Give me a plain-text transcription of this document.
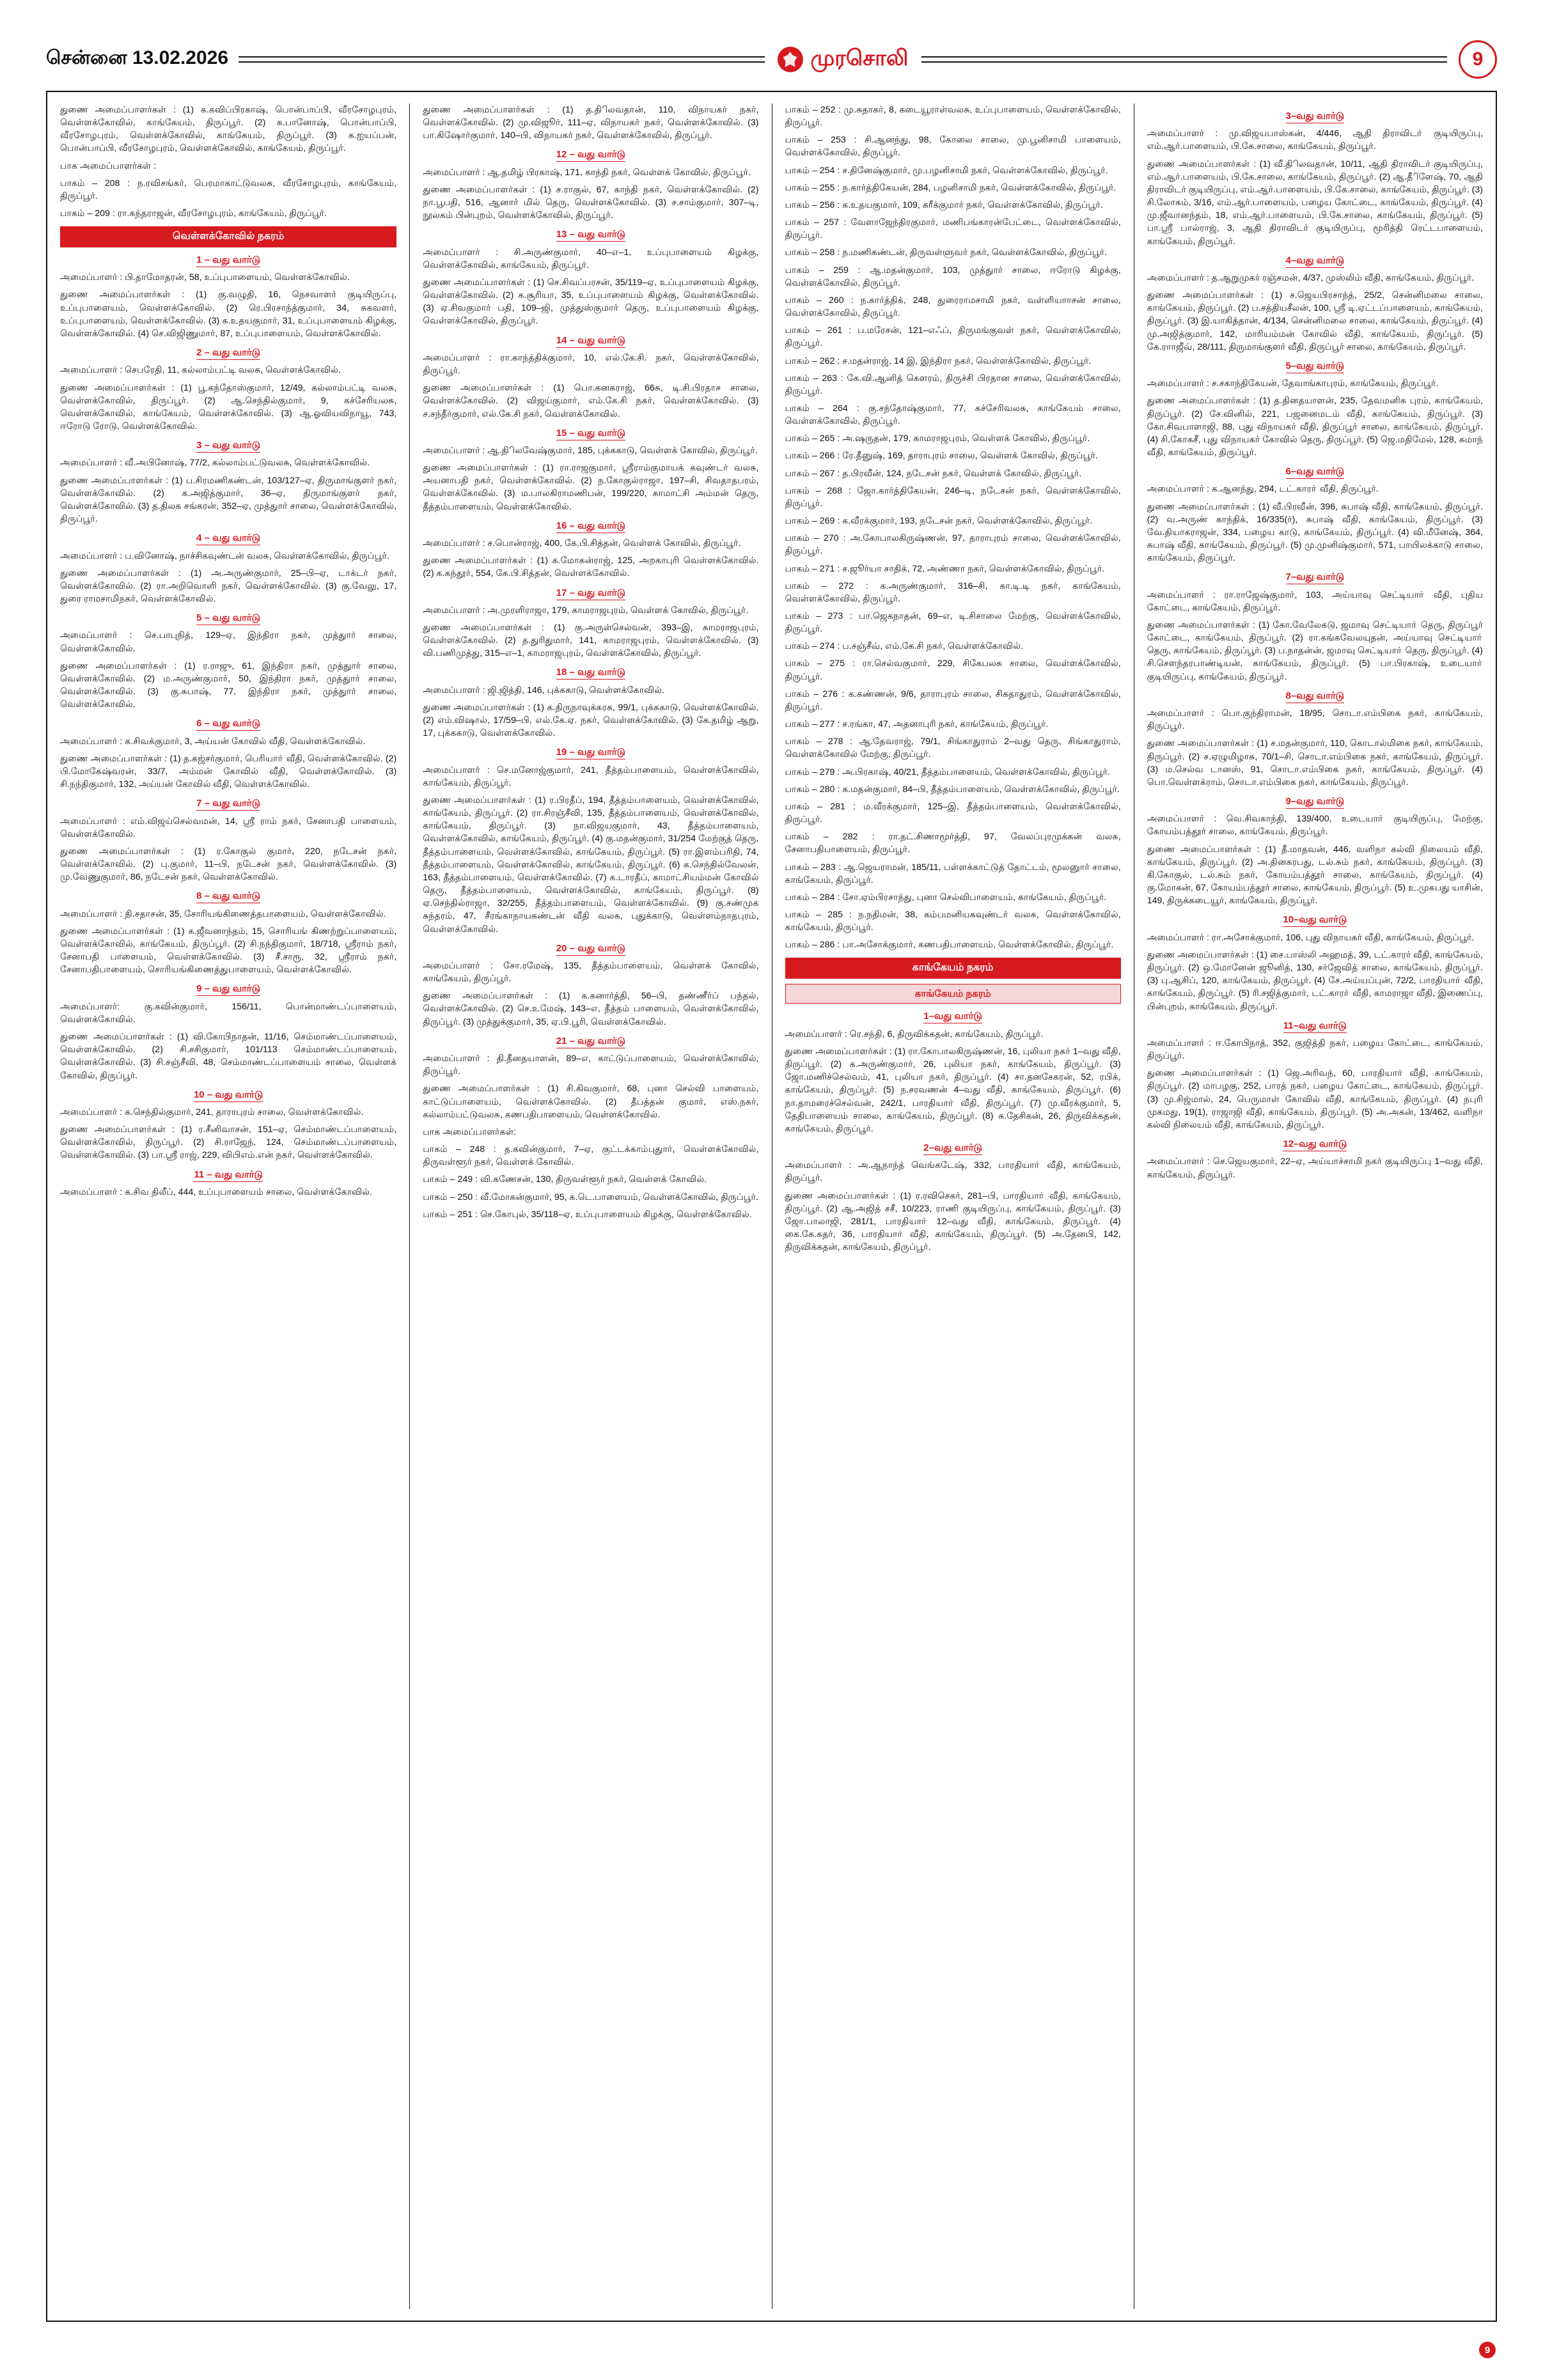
சென்னை 13.02.2026	முரசொலி	9

துணை அமைப்பாளர்கள் : (1) க.கவிப்பிரகாஷ், பொன்பாப்பி, வீரசோழபுரம், வெள்ளக்கோவில், காங்கேயம், திருப்பூர். (2) க.பானோஷ், பொன்பாப்பி, வீரசோழபுரம், வெள்ளக்கோவில், காங்கேயம், திருப்பூர். (3) க.ஐயப்பன், பொன்பாப்பி, வீரசோழபுரம், வெள்ளக்கோவில், காங்கேயம், திருப்பூர்.

பாக அமைப்பாளர்கள் :

பாகம் – 208 : ந.ரவிசங்கர், பெரமாகாட்டுவலசு, வீரசோழபுரம், காங்கேயம், திருப்பூர்.

பாகம் – 209 : ரா.கந்தராஜன், வீரசோழபுரம், காங்கேயம், திருப்பூர்.

வெள்ளக்கோவில் நகரம்
1 – வது வார்டு

அமைப்பாளர் : பி.தாமோதரன், 58, உப்புபாளையம், வெள்ளக்கோவில்.

துணை அமைப்பாளர்கள் : (1) கு.வழுதி, 16, நெசவாளர் குடியிருப்பு, உப்புபாளையம், வெள்ளக்கோவில். (2) ரெ.பிரசாந்த்குமார், 34, சுகவளர், உப்புபாளையம், வெள்ளக்கோவில். (3) க.உதயகுமார், 31, உப்புபாளையம் கிழக்கு, வெள்ளக்கோவில். (4) செ.விஜிணுமார், 87, உப்புபாளையம், வெள்ளக்கோவில்.

2 – வது வார்டு

அமைப்பாளர் : செபரேதி, 11, கல்லாம்பட்டி வலசு, வெள்ளக்கோவில்.

துணை அமைப்பாளர்கள் : (1) பூ.கந்தோஸ்குமார், 12/49, கல்லாம்பட்டி வலசு, வெள்ளக்கோவில், திருப்பூர். (2) ஆ.செந்தில்குமார், 9, கச்சேரியலசு, வெள்ளக்கோவில், காங்கேயம், வெள்ளக்கோவில். (3) ஆ.ஓவியவிநாயூ, 743, ஈரோடு ரோடு, வெள்ளக்கோவில்.

3 – வது வார்டு

அமைப்பாளர் : வீ.அபினோஷ், 77/2, கல்லாம்பட்டுவலசு, வெள்ளக்கோவில்.

துணை அமைப்பாளர்கள் : (1) ப.சிரமணிகண்டன், 103/127–ஏ, திருமாங்குளர் நகர், வெள்ளக்கோவில். (2) க.அஜித்குமார், 36–ஏ, திருமாங்குளர் நகர், வெள்ளக்கோவில். (3) த.திலக சங்கரன், 352–ஏ, முத்துார் சாலை, வெள்ளக்கோவில், திருப்பூர்.

4 – வது வார்டு

அமைப்பாளர் : ப.வினோஷ், நாச்சிகவுண்டன் வலசு, வெள்ளக்கோவில், திருப்பூர்.

துணை அமைப்பாளர்கள் : (1) அ.அருண்குமார், 25–பி–ஏ, டாக்டர் நகர், வெள்ளக்கோவில். (2) ரா.அறிவொளி நகர், வெள்ளக்கோவில். (3) கு.வேலு, 17, துரை ராமசாமிநகர், வெள்ளக்கோவில்.

5 – வது வார்டு

அமைப்பாளர் : செ.பாபுநித், 129–ஏ, இந்திரா நகர், முத்துார் சாலை, வெள்ளக்கோவில்.

துணை அமைப்பாளர்கள் : (1) ர.ராஜு, 61, இந்திரா நகர், முத்துார் சாலை, வெள்ளக்கோவில். (2) ம.அருண்குமார், 50, இந்திரா நகர், முத்துார் சாலை, வெள்ளக்கோவில். (3) கு.சுபாஷ், 77, இந்திரா நகர், முத்துார் சாலை, வெள்ளக்கோவில்.

6 – வது வார்டு

அமைப்பாளர் : க.சிவக்குமார், 3, அய்யன் கோவில் வீதி, வெள்ளக்கோவில்.

துணை அமைப்பாளர்கள் : (1) த.கஜ்சர்குமார், பெரியாா் வீதி, வெள்ளக்கோவில். (2) பி.மோகேஷ்வரன், 33/7, அம்மன் கோவில் வீதி, வெள்ளக்கோவில். (3) சி.நந்திகுமார், 132, அய்யன் கோவில் வீதி, வெள்ளக்கோவில்.

7 – வது வார்டு

அமைப்பாளர் : எம்.விஜய்செல்வமன், 14, ஸ்ரீ ராம் நகர், சேனாபதி பாளையம், வெள்ளக்கோவில்.

துணை அமைப்பாளர்கள் : (1) ர.கோகுல் குமார், 220, நடேசன் நகர், வெள்ளக்கோவில். (2) பு.குமார், 11–பி, நடேசன் நகர், வெள்ளக்கோவில். (3) மு.வேணுகுமார், 86, நடேசன் நகர், வெள்ளக்கோவில்.

8 – வது வார்டு

அமைப்பாளர் : தி.சதாசன், 35, சோரியங்கிணைத்தபாளையம், வெள்ளக்கோவில்.

துணை அமைப்பாளர்கள் : (1) க.ஜீவனாந்தம், 15, சொரியங் கிணற்றுப்பாளையம், வெள்ளக்கோவில், காங்கேயம், திருப்பூர். (2) சி.நந்திகுமார், 18/718, ஸ்ரீராம் நகர், சேனாபதி பாளையம், வெள்ளக்கோவில். (3) சீ.சாரூ, 32, ஸ்ரீராம் நகர், சேனாபதிபாளையம், சொரியங்கிணைத்துபாளையம், வெள்ளக்கோவில்.

9 – வது வார்டு

அமைப்பாளர்: கு.கவின்குமார், 156/11, பொன்மாண்டப்பாளையம், வெள்ளக்கோவில்.

துணை அமைப்பாளர்கள் : (1) வி.கோபிநாதன், 11/16, செம்மாண்டப்பாளையம், வெள்ளக்கோவில். (2) சி.சசிகுமார், 101/113 செம்மாண்டப்பாளையம், வெள்ளக்கோவில். (3) சி.சஞ்சீவி, 48, செம்மாண்டப்பாளையம் சாலை, வெள்ளக் கோவில், திருப்பூர்.

10 – வது வார்டு

அமைப்பாளர் : க.செந்தில்குமார், 241, தாராபுரம் சாலை, வெள்ளக்கோவில்.

துணை அமைப்பாளர்கள் : (1) ர.சீனிவாசன், 151–ஏ, செம்மாண்டப்பாளையம், வெள்ளக்கோவில், திருப்பூர். (2) சி.ராஜேந், 124, செம்மாண்டப்பாளையம், வெள்ளக்கோவில். (3) பா.ஸ்ரீ ராஜ், 229, விபிஎம்.என் நகர், வெள்ளக்கோவில்.

11 – வது வார்டு

அமைப்பாளர் : க.சிவ திலீப், 444, உப்புபாளையம் சாலை, வெள்ளக்கோவில்.

துணை அமைப்பாளர்கள் : (1) த.திிலவதான், 110, விநாயகர் நகர், வெள்ளக்கோவில். (2) மு.விஜூர், 111–ஏ, விநாயகர் நகர், வெள்ளக்கோவில். (3) பா.கிஷோர்குமார், 140–பி, விநாயகர் நகர், வெள்ளக்கோவில், திருப்பூர்.

12 – வது வார்டு

அமைப்பாளர் : ஆ.தமிழ் பிரகாஷ், 171, காந்தி நகர், வெள்ளக் கோவில், திருப்பூர்.

துணை அமைப்பாளர்கள் : (1) ச.ராகுல், 67, காந்தி நகர், வெள்ளக்கோவில். (2) நா.பூபதி, 516, ஆனார் மில் தெரு, வெள்ளக்கோவில். (3) ச.சாம்குமார், 307–டி, நூலகம் பின்புறம், வெள்ளக்கோவில், திருப்பூர்.

13 – வது வார்டு

அமைப்பாளர் : சி.அருண்குமார், 40–எ–1, உப்புபாளையம் கிழக்கு, வெள்ளக்கோவில், காங்கேயம், திருப்பூர்.

துணை அமைப்பாளர்கள் : (1) செ.சிவப்பரசன், 35/119–ஏ, உப்புபாளையம் கிழக்கு, வெள்ளக்கோவில். (2) க.சூரியா, 35, உப்புபாளையம் கிழக்கு, வெள்ளக்கோவில். (3) ஏ.சிவகுமார் பதி, 109–ஜி, முத்துஸ்குமார் தெரு, உப்புபாளையம் கிழக்கு, வெள்ளக்கோவில், திருப்பூர்.

14 – வது வார்டு

அமைப்பாளர் : ரா.காந்த்திக்குமார், 10, எல்.கே.சி. நகர், வெள்ளக்கோவில், திருப்பூர்.

துணை அமைப்பாளர்கள் : (1) பொ.கனகராஜ், 66சு, டி.சி.பிரதாச சாலை, வெள்ளக்கோவில். (2) விஜய்குமார், எம்.கே.சி நகர், வெள்ளக்கோவில். (3) ச.சந்தீர்குமார், எல்.கே.சி நகர், வெள்ளக்கோவில்.

15 – வது வார்டு

அமைப்பாளர் : ஆ.திிலவேஷ்குமார், 185, புக்ககாடு, வெள்ளக் கோவில், திருப்பூர்.

துணை அமைப்பாளர்கள் : (1) ரா.ராஜகுமார், ஸ்ரீராம்குமாயக் கவுண்டர் வலசு, அயனாபதி நகர், வெள்ளக்கோவில். (2) ந.கோகுல்ராஜா, 197–சி, சிவதாதபரம், வெள்ளக்கோவில். (3) ம.பாலகிராமணிபன், 199/220, காமாட்சி அம்மன் தெரு, தீத்தம்பாளையம், வெள்ளக்கோவில்.

16 – வது வார்டு

அமைப்பாளர் : ச.பொன்ராஜ், 400, கே.பி.சித்தன், வெள்ளக் கோவில், திருப்பூர்.

துணை அமைப்பாளர்கள் : (1) க.மோகன்ராஜ், 125, அறகாபுரி வெள்ளக்கோவில். (2) க.கந்தூர், 554, கே.பி.சித்தன், வெள்ளக்கோவில்.

17 – வது வார்டு

அமைப்பாளர் : அ.முரளிராஜா, 179, காமராஜபுரம், வெள்ளக் கோவில், திருப்பூர்.

துணை அமைப்பாளர்கள் : (1) கு.அருள்செல்வன், 393–இ, காமராஜபுரம், வெள்ளக்கோவில். (2) த.துரிதுமார், 141, காமராஜபுரம், வெள்ளக்கோவில். (3) வி.பணிமுத்து, 315–எ–1, காமராஜபுரம், வெள்ளக்கோவில், திருப்பூர்.

18 – வது வார்டு

அமைப்பாளர் : ஜி.ஜித்தி, 146, புக்ககாடு, வெள்ளக்கோவில்.

துணை அமைப்பாளர்கள் : (1) க.திருநாவுக்கரசு, 99/1, புக்ககாடு, வெள்ளக்கோவில். (2) எம்.விஷால், 17/59–பி, எல்.கே.ஏ. நகர், வெள்ளக்கோவில். (3) கே.தமிழ் ஆறு, 17, புக்ககாடு, வெள்ளக்கோவில்.

19 – வது வார்டு

அமைப்பாளர் : செ.மனோஜ்குமார், 241, தீத்தம்பாளையம், வெள்ளக்கோவில், காங்கேயம், திருப்பூர்.

துணை அமைப்பாளர்கள் : (1) ர.பிரதீப், 194, தீத்தம்பாளையம், வெள்ளக்கோவில், காங்கேயம், திருப்பூர். (2) ரா.சிரஞ்சீவி, 135, தீத்தம்பாளையம், வெள்ளக்கோவில், காங்கேயம், திருப்பூர். (3) நா.விஜயகுமார், 43, தீத்தம்பாளையம், வெள்ளக்கோவில், காங்கேயம், திருப்பூர். (4) கு.மதன்குமார், 31/254 மேற்குத் தெரு, தீத்தம்பாளையம், வெள்ளக்கோவில், காங்கேயம், திருப்பூர். (5) ரா.இளம்பரிதி, 74, தீத்தம்பாளையம், வெள்ளக்கோவில், காங்கேயம், திருப்பூர். (6) க.செந்தில்வேலன், 163, தீத்தம்பாளையம், வெள்ளக்கோவில். (7) க.டாரதீப், காமாட்சியம்மன் கோவில் தெரு, தீத்தம்பாளையம், வெள்ளக்கோவில், காங்கேயம், திருப்பூர். (8) ஏ.செந்தில்ராஜா, 32/255, தீத்தம்பாளையம், வெள்ளக்கோவில். (9) கு.சண்முக சுந்தரம், 47, சீரங்காநாயகண்டன் வீதி வலசு, புதுக்காடு, வெள்ளம்நாதபுரம், வெள்ளக்கோவில்.

20 – வது வார்டு

அமைப்பாளர் : சோ.ரமேஷ், 135, தீத்தம்பாளையம், வெள்ளக் கோவில், காங்கேயம், திருப்பூர்.

துணை அமைப்பாளர்கள் : (1) க.கனார்த்தி, 56–பி, தண்ணீர்ப் பந்தல், வெள்ளக்கோவில். (2) செ.உமேஷ், 143–எ, தீத்தம் பாளையம், வெள்ளக்கோவில், திருப்பூர். (3) முத்துக்குமார், 35, ஏ.பி.பூரி, வெள்ளக்கோவில்.

21 – வது வார்டு

அமைப்பாளர் : தி.தீனதயாளன், 89–எ, காட்டுப்பாளையம், வெள்ளக்கோவில், திருப்பூர்.

துணை அமைப்பாளர்கள் : (1) சி.கிவகுமார், 68, புனா செல்வி பாளையம், காட்டுப்பாளையம், வெள்ளக்கோவில். (2) தீபத்தன் குமார், எஸ்.நகர், கல்லாம்பட்டுவலசு, கணபதிபாளையம், வெள்ளக்கோவில்.

பாக அமைப்பாளர்கள்:

பாகம் – 248 : த.கவின்குமார், 7–ஏ, குட்டக்காம்புதுார், வெள்ளக்கோவில், திருவள்ளூர் நகர், வெள்ளக் கோவில்.

பாகம் – 249 : வி.கணேசன், 130, திருவள்ளூர் நகர், வெள்ளக் கோவில்.

பாகம் – 250 : வீ.மோகன்குமார், 95, க.டெ.பாளையம், வெள்ளக்கோவில், திருப்பூர்.

பாகம் – 251 : செ.கோபுல், 35/118–ஏ, உப்புபாளையம் கிழக்கு, வெள்ளக்கோவில்.

பாகம் – 252 : மு.சுதாகர், 8, கடையூராள்வலசு, உப்புபாளையம், வெள்ளக்கோவில், திருப்பூர்.

பாகம் – 253 : சி.ஆனந்து, 98, கோலை சாலை, மு.பூனிசாமி பாளையம், வெள்ளக்கோவில், திருப்பூர்.

பாகம் – 254 : ச.தினேஷ்குமார், மு.பழனிசாமி நகர், வெள்ளக்கோவில், திருப்பூர்.

பாகம் – 255 : ந.கார்த்திகேயன், 284, பழனிசாமி நகர், வெள்ளக்கோவில், திருப்பூர்.

பாகம் – 256 : க.உதயகுமார், 109, கரீக்குமார் நகர், வெள்ளக்கோவில், திருப்பூர்.

பாகம் – 257 : வேளாஜேந்திரகுமார், மணிபங்காரன்பேட்டை, வெள்ளக்கோவில், திருப்பூர்.

பாகம் – 258 : ந.மணிகண்டன், திருவள்ளுவர் நகர், வெள்ளக்கோவில், திருப்பூர்.

பாகம் – 259 : ஆ.மதன்குமார், 103, முத்துார் சாலை, ஈரோடு கிழக்கு, வெள்ளக்கோவில், திருப்பூர்.

பாகம் – 260 : ந.கார்த்திக், 248, துரைராமசாமி நகர், வள்ளியாாசன் சாலை, வெள்ளக்கோவில், திருப்பூர்.

பாகம் – 261 : ப.மரேசன், 121–எஃப், திருமங்குவள் நகர், வெள்ளக்கோவில், திருப்பூர்.

பாகம் – 262 : ச.மதன்ராஜ், 14 இ, இந்திரா நகர், வெள்ளக்கோவில், திருப்பூர்.

பாகம் – 263 : கே.வி.ஆனித் கெளரம், திருச்சி பிரதான சாலை, வெள்ளக்கோவில், திருப்பூர்.

பாகம் – 264 : கு.சந்தோஷ்குமார், 77, கச்சேரிவலசு, காங்கேயம் சாலை, வெள்ளக்கோவில், திருப்பூர்.

பாகம் – 265 : அ.ஷருதன், 179, காமராஜபுரம், வெள்ளக் கோவில், திருப்பூர்.

பாகம் – 266 : ரே.தீனுஷ், 169, தாராபுரம் சாலை, வெள்ளக் கோவில், திருப்பூர்.

பாகம் – 267 : த.பிரவீன், 124, நடேசன் நகர், வெள்ளக் கோவில், திருப்பூர்.

பாகம் – 268 : ஜோ.கார்த்திகேயன், 246–டி, நடேசன் நகர், வெள்ளக்கோவில், திருப்பூர்.

பாகம் – 269 : க.வீரக்குமார், 193, நடேசன் நகர், வெள்ளக்கோவில், திருப்பூர்.

பாகம் – 270 : அ.கோபாலகிருஷ்ணன், 97, தாராபுரம் சாலை, வெள்ளக்கோவில், திருப்பூர்.

பாகம் – 271 : ச.ஜூர்யா சாதிக், 72, அண்ணா நகர், வெள்ளக்கோவில், திருப்பூர்.

பாகம் – 272 : க.அருண்குமார், 316–சி, கா.டி.டி நகர், காங்கேயம், வெள்ளக்கோவில், திருப்பூர்.

பாகம் – 273 : பா.ஜெகநாதன், 69–எ, டி.சிசாலை மேற்கு, வெள்ளக்கோவில், திருப்பூர்.

பாகம் – 274 : ப.சஞ்சீவ், எம்.கே.சி நகர், வெள்ளக்கோவில்.

பாகம் – 275 : ரா.செல்வகுமார், 229, சிகேபலசு சாலை, வெள்ளக்கோவில், திருப்பூர்.

பாகம் – 276 : க.கண்ணன், 9/6, தாராபுரம் சாலை, சிகதாதுரம், வெள்ளக்கோவில், திருப்பூர்.

பாகம் – 277 : ச.ரங்கா, 47, அதனாபுரி நகர், காங்கேயம், திருப்பூர்.

பாகம் – 278 : ஆ.தேவராஜ், 79/1, சிங்காதுராம் 2–வது தெரு, சிங்காதுராம், வெள்ளக்கோவில் மேற்கு, திருப்பூர்.

பாகம் – 279 : அ.பிரகாஷ், 40/21, தீத்தம்பாளையம், வெள்ளக்கோவில், திருப்பூர்.

பாகம் – 280 : க.மதன்குமார், 84–பி, தீத்தம்பாளையம், வெள்ளக்கோவில், திருப்பூர்.

பாகம் – 281 : ம.வீரக்குமார், 125–இ, தீத்தம்பாளையம், வெள்ளக்கோவில், திருப்பூர்.

பாகம் – 282 : ரா.தட்.சிணாமூர்த்தி, 97, வேலப்புரமுக்கன் வலசு, சேனாபதிபாளையம், திருப்பூர்.

பாகம் – 283 : ஆ.ஜெயராமன், 185/11, பள்ளக்காட்டுத் தோட்டம், மூலனுார் சாலை, காங்கேயம், திருப்பூர்.

பாகம் – 284 : சோ.ஏம்பிரசாந்து, புனா செல்விபாளையம், காங்கேயம், திருப்பூர்.

பாகம் – 285 : ந.நதிமன், 38, கம்பமனியகவுண்டர் வலசு, வெள்ளக்கோவில், காங்கேயம், திருப்பூர்.

பாகம் – 286 : பா.அசோக்குமார், கணபதிபாளையம், வெள்ளக்கோவில், திருப்பூர்.

காங்கேயம் நகரம்
காங்கேயம் நகரம்
1–வது வார்டு

அமைப்பாளர் : ரெ.சந்தி, 6, திருவிக்கதன், காங்கேயம், திருப்பூர்.

துணை அமைப்பாளர்கள் : (1) ரா.கோபாலகிருஷ்ணன், 16, புலியா நகர் 1–வது வீதி, திருப்பூர். (2) க.அருண்குமார், 26, புலியா நகர், காங்கேயம், திருப்பூர். (3) ஜோ.மணிச்செல்வம், 41, புலியா நகர், திருப்பூர். (4) சா.தனசேகரன், 52, ரபிக், காங்கேயம், திருப்பூர். (5) ந.சரவணன் 4–வது வீதி, காங்கேயம், திருப்பூர். (6) நா.தாமரைச்செல்வன், 242/1, பாரதியாா் வீதி, திருப்பூர். (7) மு.வீரக்குமார், 5, தேதிபாளையம் சாலை, காங்கேயம், திருப்பூர். (8) க.தேசிகன், 26, திருவிக்கதன், காங்கேயம், திருப்பூர்.

2–வது வார்டு

அமைப்பாளர் : அ.ஆநாந்த் வெங்கடேஷ், 332, பாரதியாா் வீதி, காங்கேயம், திருப்பூர்.

துணை அமைப்பாளர்கள் : (1) ர.ரவிசெகர், 281–பி, பாரதியாா் வீதி, காங்கேயம், திருப்பூர். (2) ஆ.அஜித் சசீ, 10/223, ராணி குடியிருப்பு, காங்கேயம், திருப்பூர். (3) ஜோ.பாலாஜி, 281/1, பாரதியாா் 12–வது வீதி, காங்கேயம், திருப்பூர். (4) கை.கே.கதர், 36, பாரதியாா் வீதி, காங்கேயம், திருப்பூர். (5) அ.தேனபி, 142, திருவிக்கதன், காங்கேயம், திருப்பூர்.

3–வது வார்டு

அமைப்பாளர் : மு.விஜயபாஸ்கன், 4/446, ஆதி திராவிடா் குடியிருப்பு, எம்.ஆர்.பாளையம், பி.கே.சாலை, காங்கேயம், திருப்பூர்.

துணை அமைப்பாளர்கள் : (1) வீ.திிலவதான், 10/11, ஆதி திராவிடர் குடியிருப்பு, எம்.ஆர்.பாளையம், பி.கே.சாலை, காங்கேயம், திருப்பூர். (2) ஆ.திீளேஷ், 70, ஆதி திராவிடர் குடியிருப்பு, எம்.ஆர்.பாளையம், பி.கே.சாலை, காங்கேயம், திருப்பூர். (3) சி.லோகம், 3/16, எம்.ஆர்.பாளையம், பழைய கோட்டை, காங்கேயம், திருப்பூர். (4) மு.ஜீவானந்தம், 18, எம்.ஆர்.பாளையம், பி.கே.சாலை, காங்கேயம், திருப்பூர். (5) பா.ஸ்ரீ பால்ராஜ், 3, ஆதி திராவிடர் குடியிருப்பு, மூரித்தி ரெட்டபாளையம், காங்கேயம், திருப்பூர்.

4–வது வார்டு

அமைப்பாளர் : த.ஆறுமுகர் ரஞ்சமன், 4/37, முஸ்லிம் வீதி, காங்கேயம், திருப்பூர்.

துணை அமைப்பாளர்கள் : (1) ச.ஜெயபிரசாந்த், 25/2, சென்னிமலை சாலை, காங்கேயம், திருப்பூர். (2) ப.சத்தியசீலன், 100, ஸ்ரீ டி.ஏட்டப்பாளையம், காங்கேயம், திருப்பூர். (3) இ.யாகித்தான், 4/134, சென்னிமலை சாலை, காங்கேயம், திருப்பூர். (4) மு.அஜித்குமார், 142, மாரியம்மன் கோவில் வீதி, காங்கேயம், திருப்பூர். (5) கே.ராாஜீவ், 28/111, திருமாங்குளர் வீதி, திருப்பூர் சாலை, காங்கேயம், திருப்பூர்.

5–வது வார்டு

அமைப்பாளர் : ச.சகாந்திகேயன், தேவாங்காபுரம், காங்கேயம், திருப்பூர்.

துணை அமைப்பாளர்கள் : (1) த.தினதயாளன், 235, தேவமனிக புரம், காங்கேயம், திருப்பூர். (2) சே.வினில், 221, பஜனைமடம் வீதி, காங்கேயம், திருப்பூர். (3) கோ.சிவபாளாஜி, 88, புது விநாயகர் வீதி, திருப்பூர் சாலை, காங்கேயம், திருப்பூர். (4) சி.கோகசீ, புது விநாயகர் கோவில் தெரு, திருப்பூர். (5) ஜெ.மதிமேல், 128, சுமாந் வீதி, காங்கேயம், திருப்பூர்.

6–வது வார்டு

அமைப்பாளர் : க.ஆனந்து, 294, டட்.காரா் வீதி, திருப்பூர்.

துணை அமைப்பாளர்கள் : (1) வீ.பிரவீன், 396, சுபாஷ் வீதி, காங்கேயம், திருப்பூர். (2) வ.அருண் காந்திக், 16/335(ர்), சுபாஷ் வீதி, காங்கேயம், திருப்பூர். (3) வே.தியாகராஜன், 334, பழைய காடு, காங்கேயம், திருப்பூர். (4) வி.மீனேஷ், 364, சுபாஷ் வீதி, காங்கேயம், திருப்பூர். (5) மு.முனிஷ்குமார், 571, பாயிலக்காடு சாலை, காங்கேயம், திருப்பூர்.

7–வது வார்டு

அமைப்பாளர் : ரா.ராஜேஷ்குமார், 103, அய்யாவு செட்டியாா் வீதி, புதிய கோட்டை, காங்கேயம், திருப்பூர்.

துணை அமைப்பாளர்கள் : (1) கோ.வேலேகடு, ஜமாவு செட்டியாா் தெரு, திருப்பூர் கோட்டை, காங்கேயம், திருப்பூர். (2) ரா.கங்கவேலயுதன், அய்யாவு செட்டியாா் தெரு, காங்கேயம், திருப்பூர். (3) ப.நாதன்ன், ஜமாவு செட்டியாா் தெரு, திருப்பூர். (4) சி.சௌந்தரபாண்டியன், காங்கேயம், திருப்பூர். (5) பா.பிரகாஷ், உடையாா் குடியிருப்பு, காங்கேயம், திருப்பூர்.

8–வது வார்டு

அமைப்பாளர் : பொ.குந்திராமன், 18/95, சொடா.எம்பிகை நகர், காங்கேயம், திருப்பூர்.

துணை அமைப்பாளர்கள் : (1) ச.மதன்குமார், 110, கொடால்மிகை நகர், காங்கேயம், திருப்பூர். (2) ச.ஏழுமிழாசு, 70/1–சி, சொடா.எம்பிகை நகர், காங்கேயம், திருப்பூர். (3) ம.செல்வ டானஸ், 91, சொடா.எம்பிகை நகர், காங்கேயம், திருப்பூர். (4) பொ.வெள்ளக்ராம், சொடா.எம்பிகை நகர், காங்கேயம், திருப்பூர்.

9–வது வார்டு

அமைப்பாளர் : வெ.சிவகாந்தி, 139/400, உடையாா் குடியிருப்பு, மேற்கு, கோயம்பத்தூர் சாலை, காங்கேயம், திருப்பூர்.

துணை அமைப்பாளர்கள் : (1) தீ.மாதவன், 446, வளிநா கல்வி நிலையம் வீதி, காங்கேயம், திருப்பூர். (2) அ.தினகரபது, டல்.சும் நகர், காங்கேயம், திருப்பூர். (3) கி.கோகுல், டல்.சும் நகர், கோயம்பத்தூர் சாலை, காங்கேயம், திருப்பூர். (4) கு.மோகன், 67, கோயம்பத்தூர் சாலை, காங்கேயம், திருப்பூர். (5) உ.முகபது யாசின், 149, திருக்கடையூர், காங்கேயம், திருப்பூர்.

10–வது வார்டு

அமைப்பாளர் : ரா.அசோக்குமார், 106, புது விநாயகர் வீதி, காங்கேயம், திருப்பூர்.

துணை அமைப்பாளர்கள் : (1) சை.பாஸ்லி அஹமத், 39, டட்.காரர் வீதி, காங்கேயம், திருப்பூர். (2) ஒ.மோனேன் ஜூனித், 130, சர்ஜேவித் சாலை, காங்கேயம், திருப்பூர். (3) பு.ஆசிப், 120, காங்கேயம், திருப்பூர். (4) சே.அய்யப்புன், 72/2, பாரதியாா் வீதி, காங்கேயம், திருப்பூர். (5) ரி.சஜித்குமார், டட்.காரா் வீதி, காமராஜா வீதி, இணைப்பு, பின்புறம், காங்கேயம், திருப்பூர்.

11–வது வார்டு

அமைப்பாளர் : ஈ.கோபிநாத், 352, குஜித்தி நகர், பழைய கோட்டை, காங்கேயம், திருப்பூர்.

துணை அமைப்பாளர்கள் : (1) ஜெ.அரிவந், 60, பாரதியாா் வீதி, காங்கேயம், திருப்பூர். (2) மாபழகு, 252, பாரத் நகர், பழைய கோட்டை, காங்கேயம், திருப்பூர். (3) மு.சிஜ்மால், 24, பெருமாள் கோவில் வீதி, காங்கேயம், திருப்பூர். (4) நபுரி முகமது, 19(1), ராஜாஜி வீதி, காங்கேயம், திருப்பூர். (5) அ.அகன், 13/462, வளிநா கல்வி நிலையம் வீதி, காங்கேயம், திருப்பூர்.

12–வது வார்டு

அமைப்பாளர் : செ.ஜெயகுமார், 22–ஏ, அய்யாச்சாமி நகர் குடியிருப்பு 1–வது வீதி, காங்கேயம், திருப்பூர்.

9
